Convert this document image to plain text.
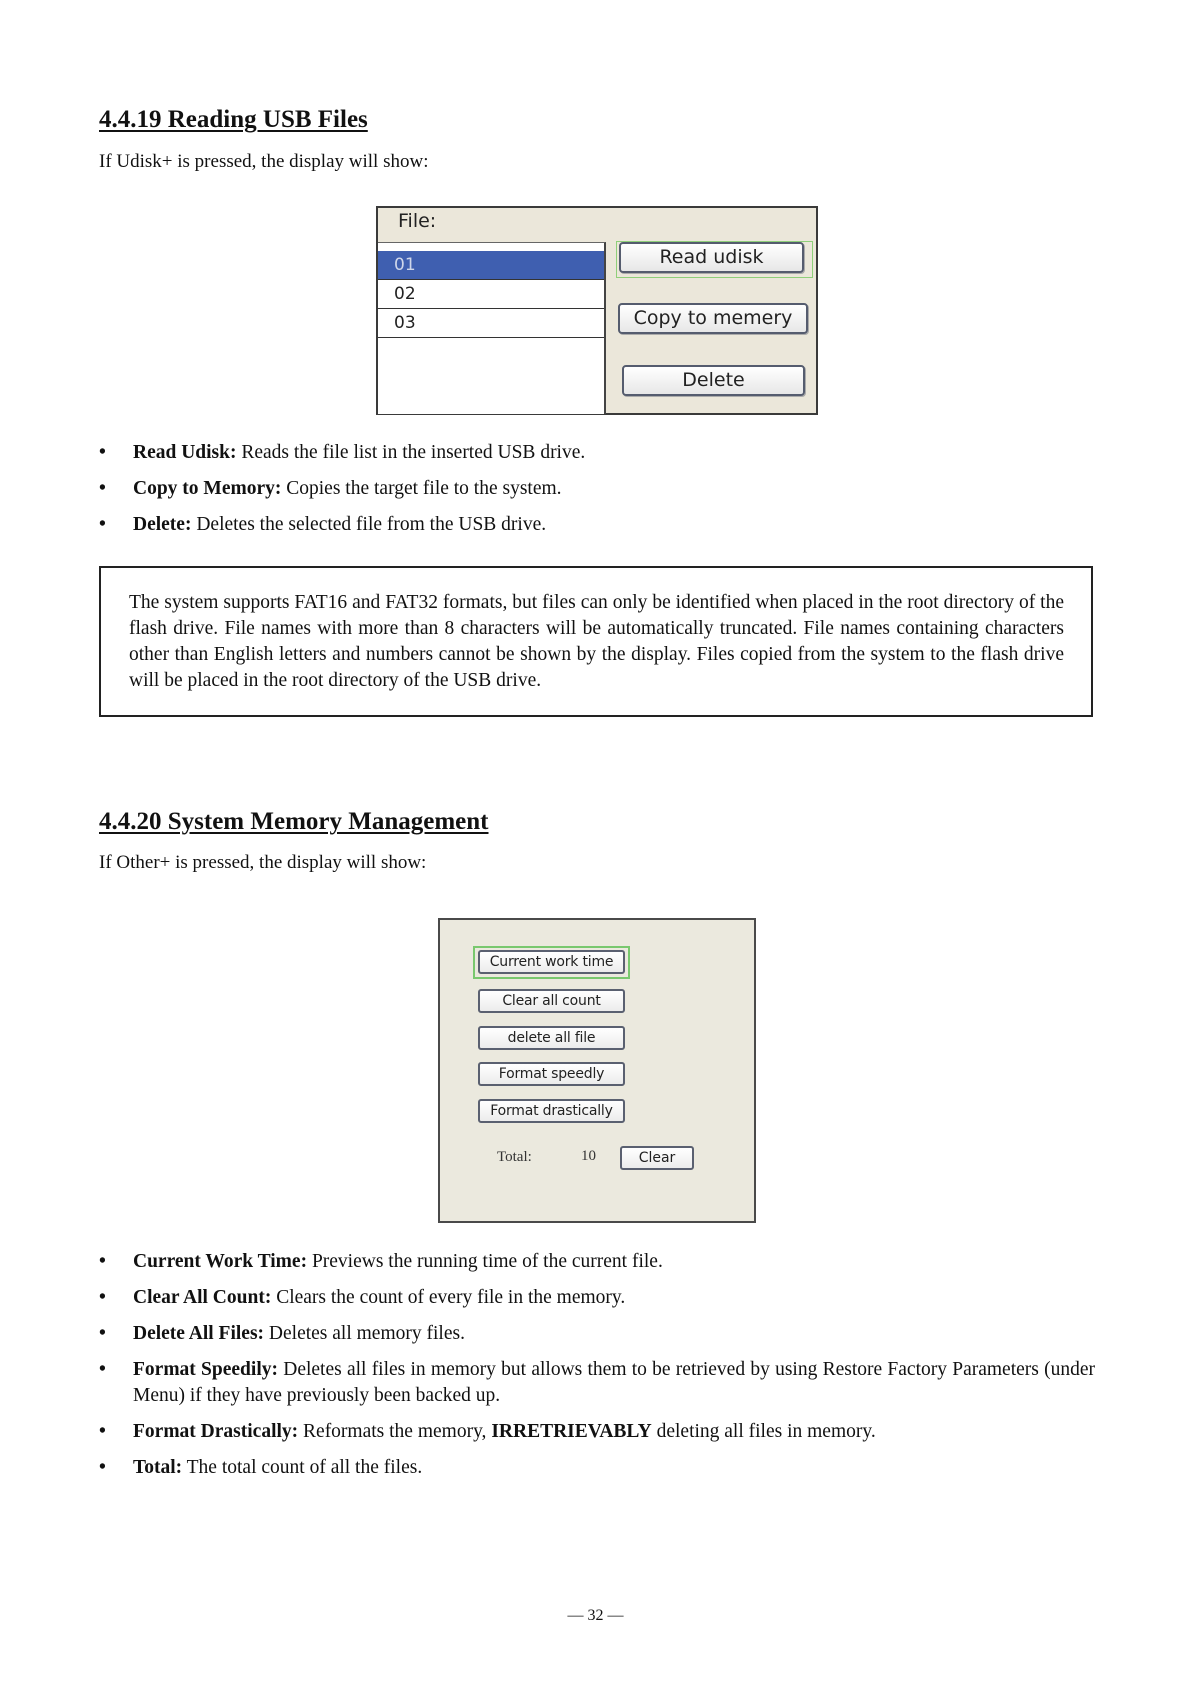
4.4.19 Reading USB Files

If Udisk+ is pressed, the display will show:

File:
01
02
03
Read udisk
Copy to memery
Delete
• Read Udisk: Reads the file list in the inserted USB drive.
• Copy to Memory: Copies the target file to the system.
• Delete: Deletes the selected file from the USB drive.
The system supports FAT16 and FAT32 formats, but files can only be identified when placed in the root directory of the flash drive. File names with more than 8 characters will be automatically truncated. File names containing characters other than English letters and numbers cannot be shown by the display. Files copied from the system to the flash drive will be placed in the root directory of the USB drive.
4.4.20 System Memory Management

If Other+ is pressed, the display will show:

Current work time
Clear all count
delete all file
Format speedly
Format drastically
Total:	10	Clear
• Current Work Time: Previews the running time of the current file.
• Clear All Count: Clears the count of every file in the memory.
• Delete All Files: Deletes all memory files.
• Format Speedily: Deletes all files in memory but allows them to be retrieved by using Restore Factory Parameters (under Menu) if they have previously been backed up.
• Format Drastically: Reformats the memory, IRRETRIEVABLY deleting all files in memory.
• Total: The total count of all the files.
— 32 —
